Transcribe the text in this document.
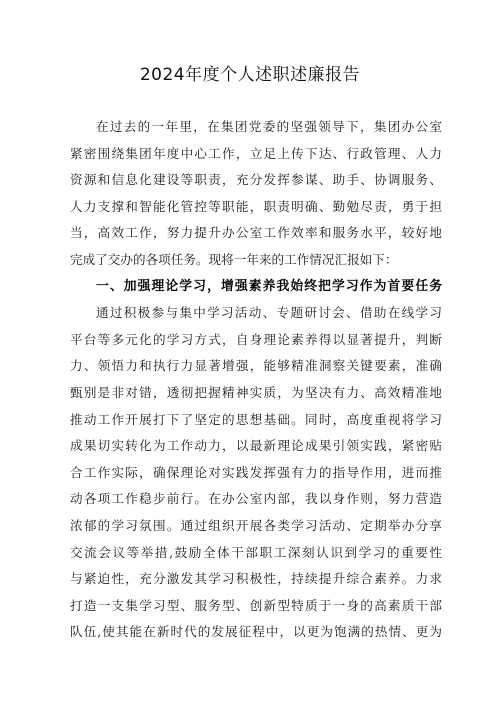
2024年度个人述职述廉报告
在过去的一年里，在集团党委的坚强领导下，集团办公室
紧密围绕集团年度中心工作，立足上传下达、行政管理、人力
资源和信息化建设等职责，充分发挥参谋、助手、协调服务、
人力支撑和智能化管控等职能，职责明确、勤勉尽责，勇于担
当，高效工作，努力提升办公室工作效率和服务水平，较好地
完成了交办的各项任务。现将一年来的工作情况汇报如下：
一、加强理论学习，增强素养我始终把学习作为首要任务
通过积极参与集中学习活动、专题研讨会、借助在线学习
平台等多元化的学习方式，自身理论素养得以显著提升，判断
力、领悟力和执行力显著增强，能够精准洞察关键要素，准确
甄别是非对错，透彻把握精神实质，为坚决有力、高效精准地
推动工作开展打下了坚定的思想基础。同时，高度重视将学习
成果切实转化为工作动力，以最新理论成果引领实践，紧密贴
合工作实际，确保理论对实践发挥强有力的指导作用，进而推
动各项工作稳步前行。在办公室内部，我以身作则，努力营造
浓郁的学习氛围。通过组织开展各类学习活动、定期举办分享
交流会议等举措,鼓励全体干部职工深刻认识到学习的重要性
与紧迫性，充分激发其学习积极性，持续提升综合素养。力求
打造一支集学习型、服务型、创新型特质于一身的高素质干部
队伍,使其能在新时代的发展征程中，以更为饱满的热情、更为
